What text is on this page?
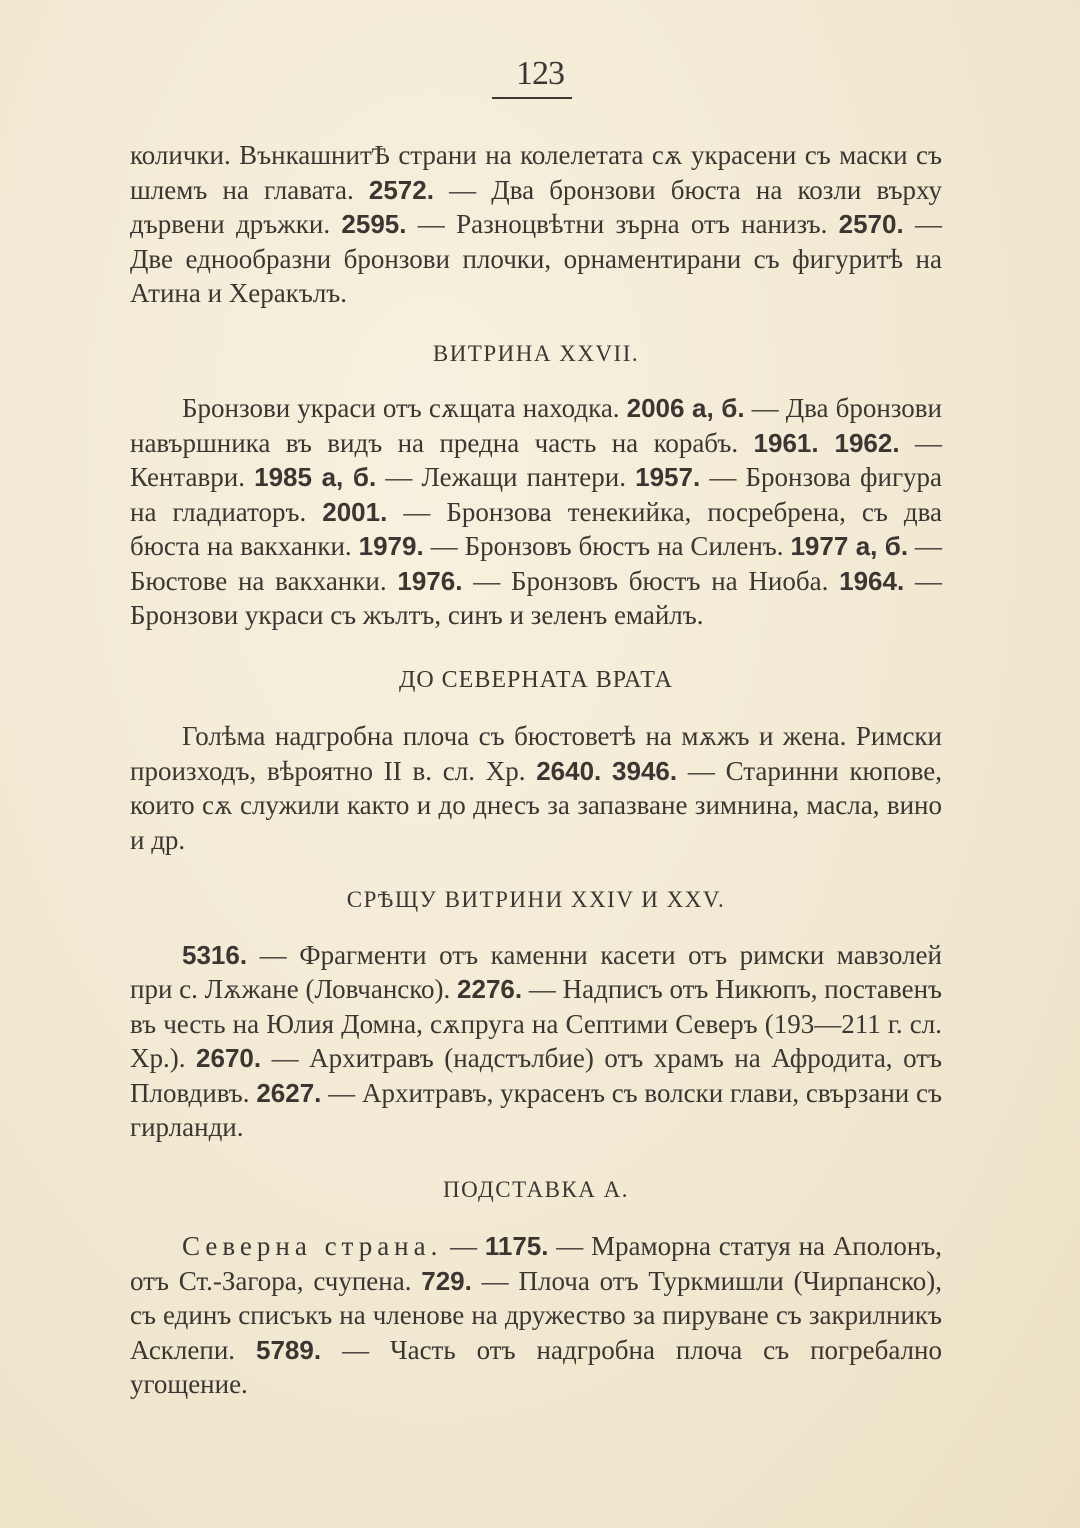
123

колички. ВънкашнитѢ страни на колелетата сѫ украсени съ маски съ шлемъ на главата. 2572. — Два бронзови бюста на козли върху дървени дръжки. 2595. — Разноцвѣтни зърна отъ нанизъ. 2570. — Две еднообразни бронзови плочки, орнаментирани съ фигуритѣ на Атина и Херакълъ.

ВИТРИНА XXVII.

Бронзови украси отъ сѫщата находка. 2006 а, б. — Два бронзови навършника въ видъ на предна часть на корабъ. 1961. 1962. — Кентаври. 1985 а, б. — Лежащи пантери. 1957. — Бронзова фигура на гладиаторъ. 2001. — Бронзова тенекийка, посребрена, съ два бюста на вакханки. 1979. — Бронзовъ бюстъ на Силенъ. 1977 а, б. — Бюстове на вакханки. 1976. — Бронзовъ бюстъ на Ниоба. 1964. — Бронзови украси съ жълтъ, синъ и зеленъ емайлъ.

ДО СЕВЕРНАТА ВРАТА

Голѣма надгробна плоча съ бюстоветѣ на мѫжъ и жена. Римски произходъ, вѣроятно II в. сл. Хр. 2640. 3946. — Старинни кюпове, които сѫ служили както и до днесъ за запазване зимнина, масла, вино и др.

СРѢЩУ ВИТРИНИ XXIV И XXV.

5316. — Фрагменти отъ каменни касети отъ римски мавзолей при с. Лѫжане (Ловчанско). 2276. — Надписъ отъ Никюпъ, поставенъ въ честь на Юлия Домна, сѫпруга на Септими Северъ (193—211 г. сл. Хр.). 2670. — Архитравъ (надстълбие) отъ храмъ на Афродита, отъ Пловдивъ. 2627. — Архитравъ, украсенъ съ волски глави, свързани съ гирланди.

ПОДСТАВКА А.

Северна страна. — 1175. — Мраморна статуя на Аполонъ, отъ Ст.-Загора, счупена. 729. — Плоча отъ Туркмишли (Чирпанско), съ единъ списъкъ на членове на дружество за пируване съ закрилникъ Асклепи. 5789. — Часть отъ надгробна плоча съ погребално угощение.
